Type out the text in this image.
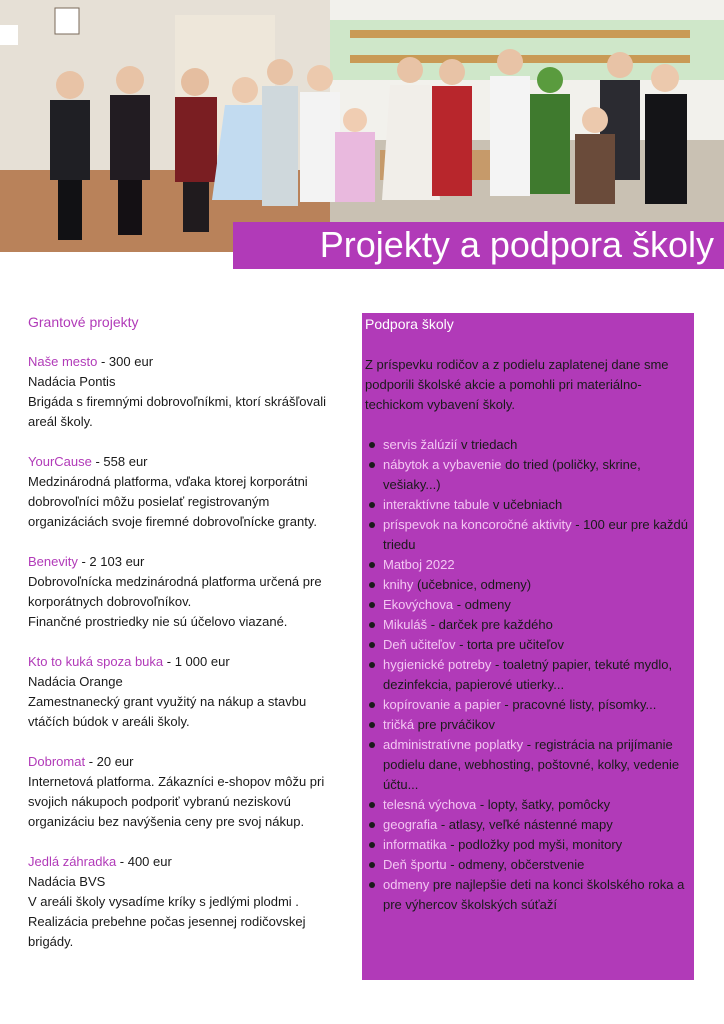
Projekty a podpora školy
Grantové projekty
Naše mesto - 300 eur
Nadácia Pontis
Brigáda s firemnými dobrovoľníkmi, ktorí skrášľovali areál školy.
YourCause - 558 eur
Medzinárodná platforma, vďaka ktorej korporátni dobrovoľníci môžu posielať registrovaným organizáciách svoje firemné dobrovoľnícke granty.
Benevity - 2 103 eur
Dobrovoľnícka medzinárodná platforma určená pre korporátnych dobrovoľníkov.
Finančné prostriedky nie sú účelovo viazané.
Kto to kuká spoza buka - 1 000 eur
Nadácia Orange
Zamestnanecký grant využitý na nákup a stavbu vtáčích búdok v areáli školy.
Dobromat - 20 eur
Internetová platforma. Zákazníci e-shopov môžu pri svojich nákupoch podporiť vybranú neziskovú organizáciu bez navýšenia ceny pre svoj nákup.
Jedlá záhradka - 400 eur
Nadácia BVS
V areáli školy vysadíme kríky s jedlými plodmi .
Realizácia prebehne počas jesennej rodičovskej brigády.
Podpora školy
Z príspevku rodičov a z podielu zaplatenej dane sme podporili školské akcie a pomohli pri materiálno-techickom vybavení školy.
servis žalúzií v triedach
nábytok a vybavenie do tried (poličky, skrine, vešiaky...)
interaktívne tabule v učebniach
príspevok na koncoročné aktivity - 100 eur pre každú triedu
Matboj 2022
knihy (učebnice, odmeny)
Ekovýchova - odmeny
Mikuláš - darček pre každého
Deň učiteľov - torta pre učiteľov
hygienické potreby - toaletný papier, tekuté mydlo, dezinfekcia, papierové utierky...
kopírovanie a papier - pracovné listy, písomky...
tričká pre prváčikov
administratívne poplatky - registrácia na prijímanie podielu dane, webhosting, poštovné, kolky, vedenie účtu...
telesná výchova - lopty, šatky, pomôcky
geografia - atlasy, veľké nástenné mapy
informatika - podložky pod myši, monitory
Deň športu - odmeny, občerstvenie
odmeny pre najlepšie deti na konci školského roka a pre výhercov školských súťaží
